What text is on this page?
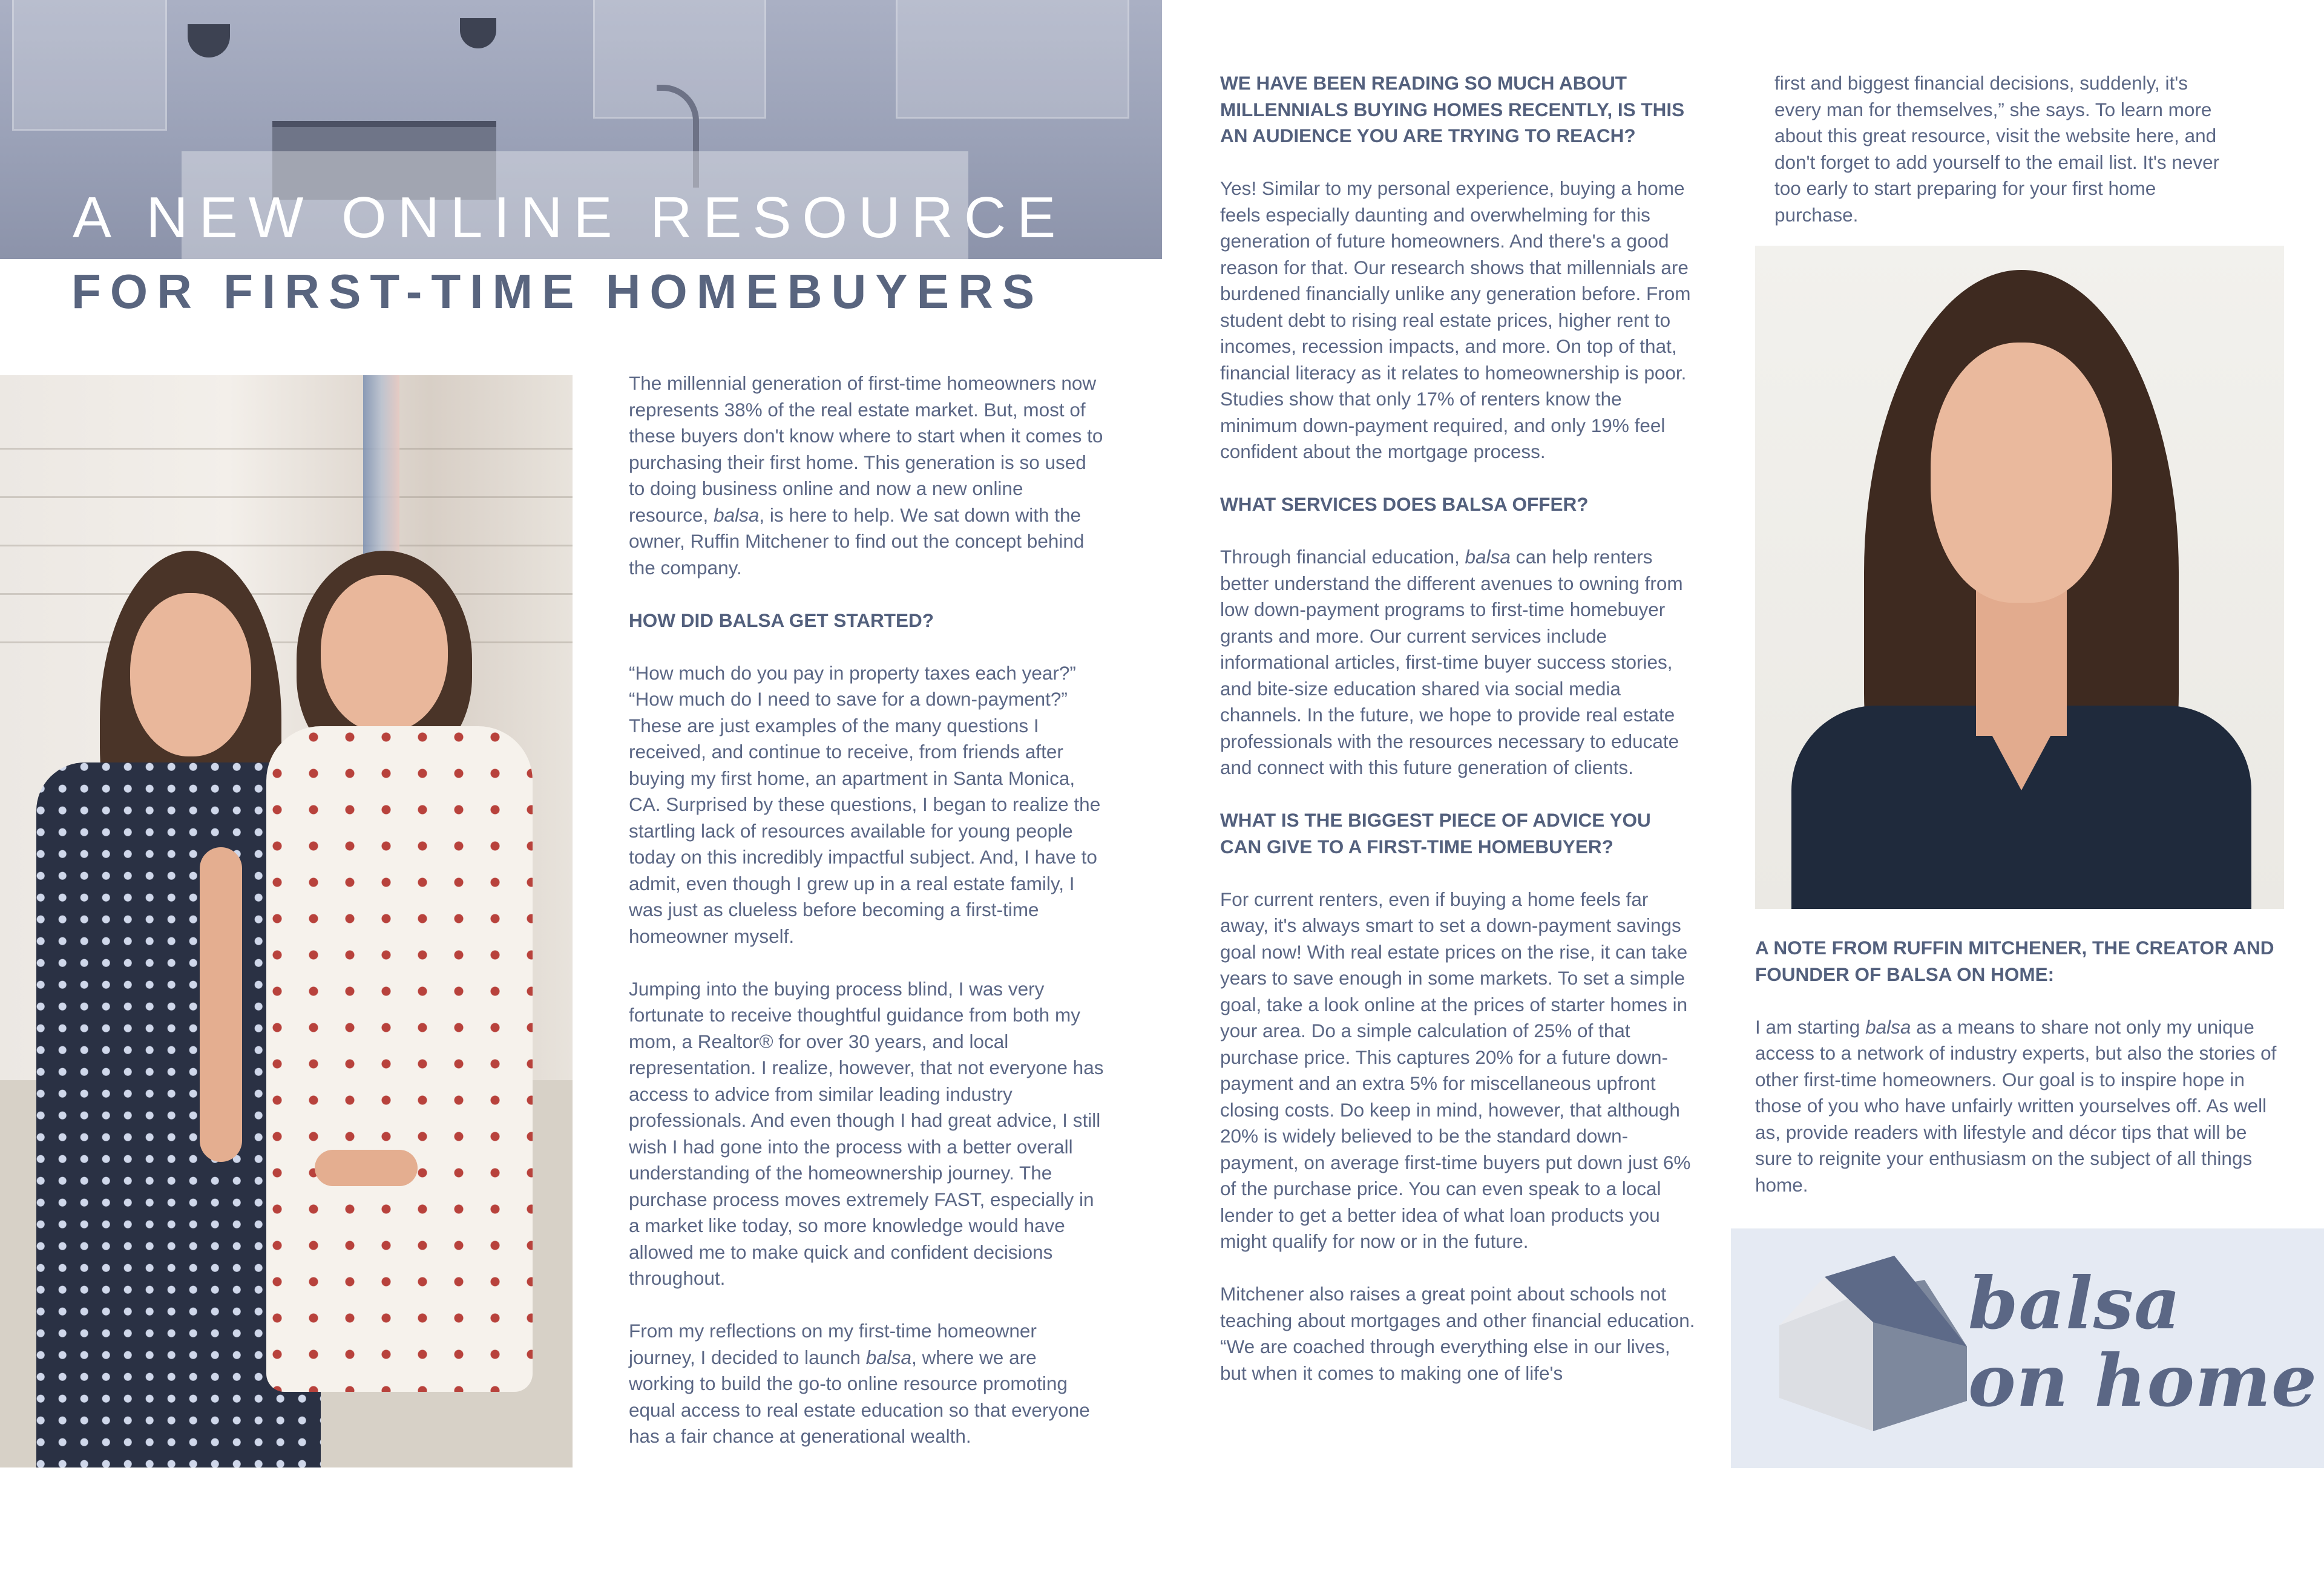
A NEW ONLINE RESOURCE
FOR FIRST-TIME HOMEBUYERS

The millennial generation of first-time homeowners now represents 38% of the real estate market. But, most of these buyers don't know where to start when it comes to purchasing their first home. This generation is so used to doing business online and now a new online resource, balsa, is here to help. We sat down with the owner, Ruffin Mitchener to find out the concept behind the company.

HOW DID BALSA GET STARTED?

“How much do you pay in property taxes each year?” “How much do I need to save for a down-payment?” These are just examples of the many questions I received, and continue to receive, from friends after buying my first home, an apartment in Santa Monica, CA. Surprised by these questions, I began to realize the startling lack of resources available for young people today on this incredibly impactful subject. And, I have to admit, even though I grew up in a real estate family, I was just as clueless before becoming a first-time homeowner myself.

Jumping into the buying process blind, I was very fortunate to receive thoughtful guidance from both my mom, a Realtor® for over 30 years, and local representation. I realize, however, that not everyone has access to advice from similar leading industry professionals. And even though I had great advice, I still wish I had gone into the process with a better overall understanding of the homeownership journey. The purchase process moves extremely FAST, especially in a market like today, so more knowledge would have allowed me to make quick and confident decisions throughout.

From my reflections on my first-time homeowner journey, I decided to launch balsa, where we are working to build the go-to online resource promoting equal access to real estate education so that everyone has a fair chance at generational wealth.

WE HAVE BEEN READING SO MUCH ABOUT MILLENNIALS BUYING HOMES RECENTLY, IS THIS AN AUDIENCE YOU ARE TRYING TO REACH?

Yes! Similar to my personal experience, buying a home feels especially daunting and overwhelming for this generation of future homeowners. And there's a good reason for that. Our research shows that millennials are burdened financially unlike any generation before. From student debt to rising real estate prices, higher rent to incomes, recession impacts, and more. On top of that, financial literacy as it relates to homeownership is poor. Studies show that only 17% of renters know the minimum down-payment required, and only 19% feel confident about the mortgage process.

WHAT SERVICES DOES BALSA OFFER?

Through financial education, balsa can help renters better understand the different avenues to owning from low down-payment programs to first-time homebuyer grants and more. Our current services include informational articles, first-time buyer success stories, and bite-size education shared via social media channels. In the future, we hope to provide real estate professionals with the resources necessary to educate and connect with this future generation of clients.

WHAT IS THE BIGGEST PIECE OF ADVICE YOU CAN GIVE TO A FIRST-TIME HOMEBUYER?

For current renters, even if buying a home feels far away, it's always smart to set a down-payment savings goal now! With real estate prices on the rise, it can take years to save enough in some markets. To set a simple goal, take a look online at the prices of starter homes in your area. Do a simple calculation of 25% of that purchase price. This captures 20% for a future down-payment and an extra 5% for miscellaneous upfront closing costs. Do keep in mind, however, that although 20% is widely believed to be the standard down-payment, on average first-time buyers put down just 6% of the purchase price. You can even speak to a local lender to get a better idea of what loan products you might qualify for now or in the future.

Mitchener also raises a great point about schools not teaching about mortgages and other financial education. “We are coached through everything else in our lives, but when it comes to making one of life's

first and biggest financial decisions, suddenly, it's every man for themselves,” she says. To learn more about this great resource, visit the website here, and don't forget to add yourself to the email list. It's never too early to start preparing for your first home purchase.

A NOTE FROM RUFFIN MITCHENER, THE CREATOR AND FOUNDER OF BALSA ON HOME:

I am starting balsa as a means to share not only my unique access to a network of industry experts, but also the stories of other first-time homeowners. Our goal is to inspire hope in those of you who have unfairly written yourselves off. As well as, provide readers with lifestyle and décor tips that will be sure to reignite your enthusiasm on the subject of all things home.

balsa
on home
